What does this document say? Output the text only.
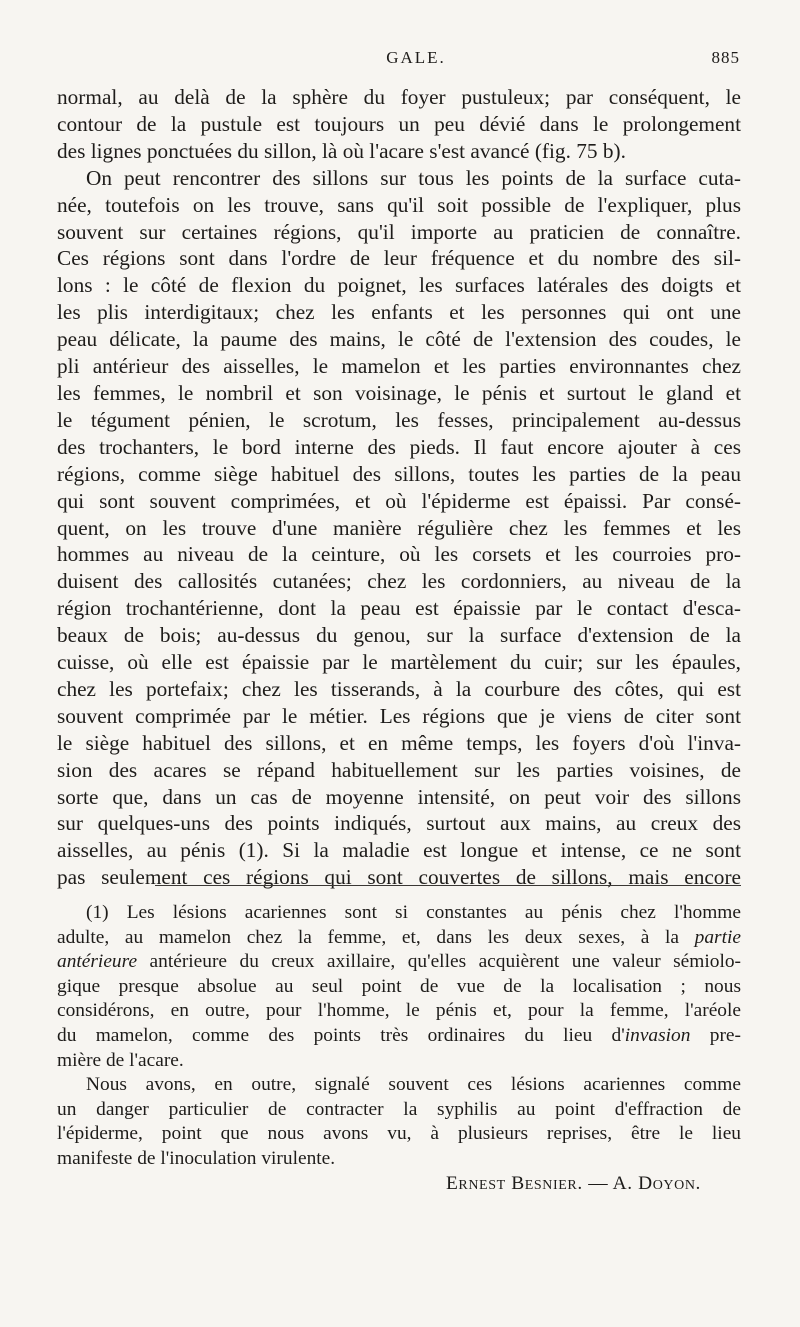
GALE.	885
normal, au delà de la sphère du foyer pustuleux; par conséquent, le
contour de la pustule est toujours un peu dévié dans le prolongement
des lignes ponctuées du sillon, là où l'acare s'est avancé (fig. 75 b).
On peut rencontrer des sillons sur tous les points de la surface cuta-
née, toutefois on les trouve, sans qu'il soit possible de l'expliquer, plus
souvent sur certaines régions, qu'il importe au praticien de connaître.
Ces régions sont dans l'ordre de leur fréquence et du nombre des sil-
lons : le côté de flexion du poignet, les surfaces latérales des doigts et
les plis interdigitaux; chez les enfants et les personnes qui ont une
peau délicate, la paume des mains, le côté de l'extension des coudes, le
pli antérieur des aisselles, le mamelon et les parties environnantes chez
les femmes, le nombril et son voisinage, le pénis et surtout le gland et
le tégument pénien, le scrotum, les fesses, principalement au-dessus
des trochanters, le bord interne des pieds. Il faut encore ajouter à ces
régions, comme siège habituel des sillons, toutes les parties de la peau
qui sont souvent comprimées, et où l'épiderme est épaissi. Par consé-
quent, on les trouve d'une manière régulière chez les femmes et les
hommes au niveau de la ceinture, où les corsets et les courroies pro-
duisent des callosités cutanées; chez les cordonniers, au niveau de la
région trochantérienne, dont la peau est épaissie par le contact d'esca-
beaux de bois; au-dessus du genou, sur la surface d'extension de la
cuisse, où elle est épaissie par le martèlement du cuir; sur les épaules,
chez les portefaix; chez les tisserands, à la courbure des côtes, qui est
souvent comprimée par le métier. Les régions que je viens de citer sont
le siège habituel des sillons, et en même temps, les foyers d'où l'inva-
sion des acares se répand habituellement sur les parties voisines, de
sorte que, dans un cas de moyenne intensité, on peut voir des sillons
sur quelques-uns des points indiqués, surtout aux mains, au creux des
aisselles, au pénis (1). Si la maladie est longue et intense, ce ne sont
pas seulement ces régions qui sont couvertes de sillons, mais encore
(1) Les lésions acariennes sont si constantes au pénis chez l'homme
adulte, au mamelon chez la femme, et, dans les deux sexes, à la partie
antérieure antérieure du creux axillaire, qu'elles acquièrent une valeur sémiolo-
gique presque absolue au seul point de vue de la localisation ; nous
considérons, en outre, pour l'homme, le pénis et, pour la femme, l'aréole
du mamelon, comme des points très ordinaires du lieu d'invasion pre-
mière de l'acare.
Nous avons, en outre, signalé souvent ces lésions acariennes comme
un danger particulier de contracter la syphilis au point d'effraction de
l'épiderme, point que nous avons vu, à plusieurs reprises, être le lieu
manifeste de l'inoculation virulente.
Ernest Besnier. — A. Doyon.
